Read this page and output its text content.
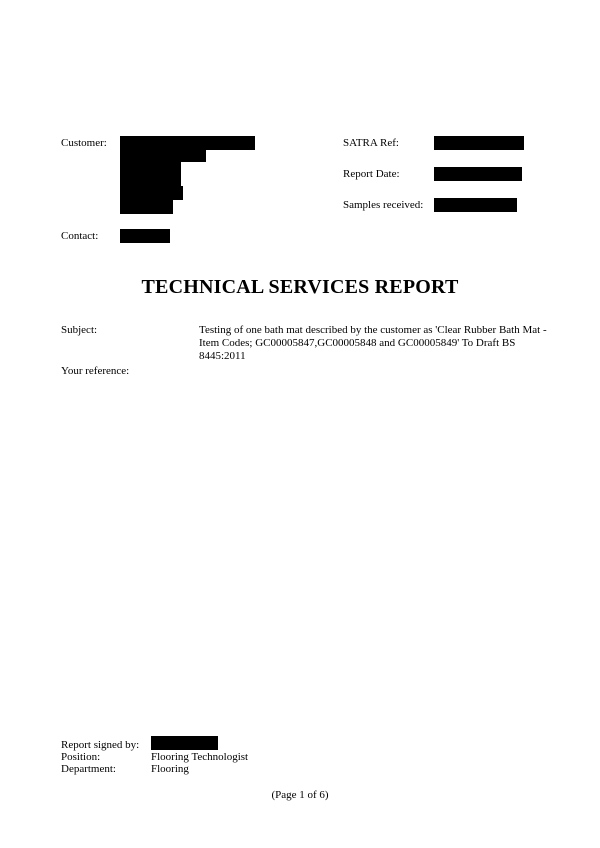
Customer:
Contact:
SATRA Ref:
Report Date:
Samples received:
TECHNICAL SERVICES REPORT
Subject:	Testing of one bath mat described by the customer as 'Clear Rubber Bath Mat - Item Codes; GC00005847,GC00005848 and GC00005849' To Draft BS 8445:2011
Your reference:
Report signed by:
Position:	Flooring Technologist
Department:	Flooring
(Page 1 of 6)
